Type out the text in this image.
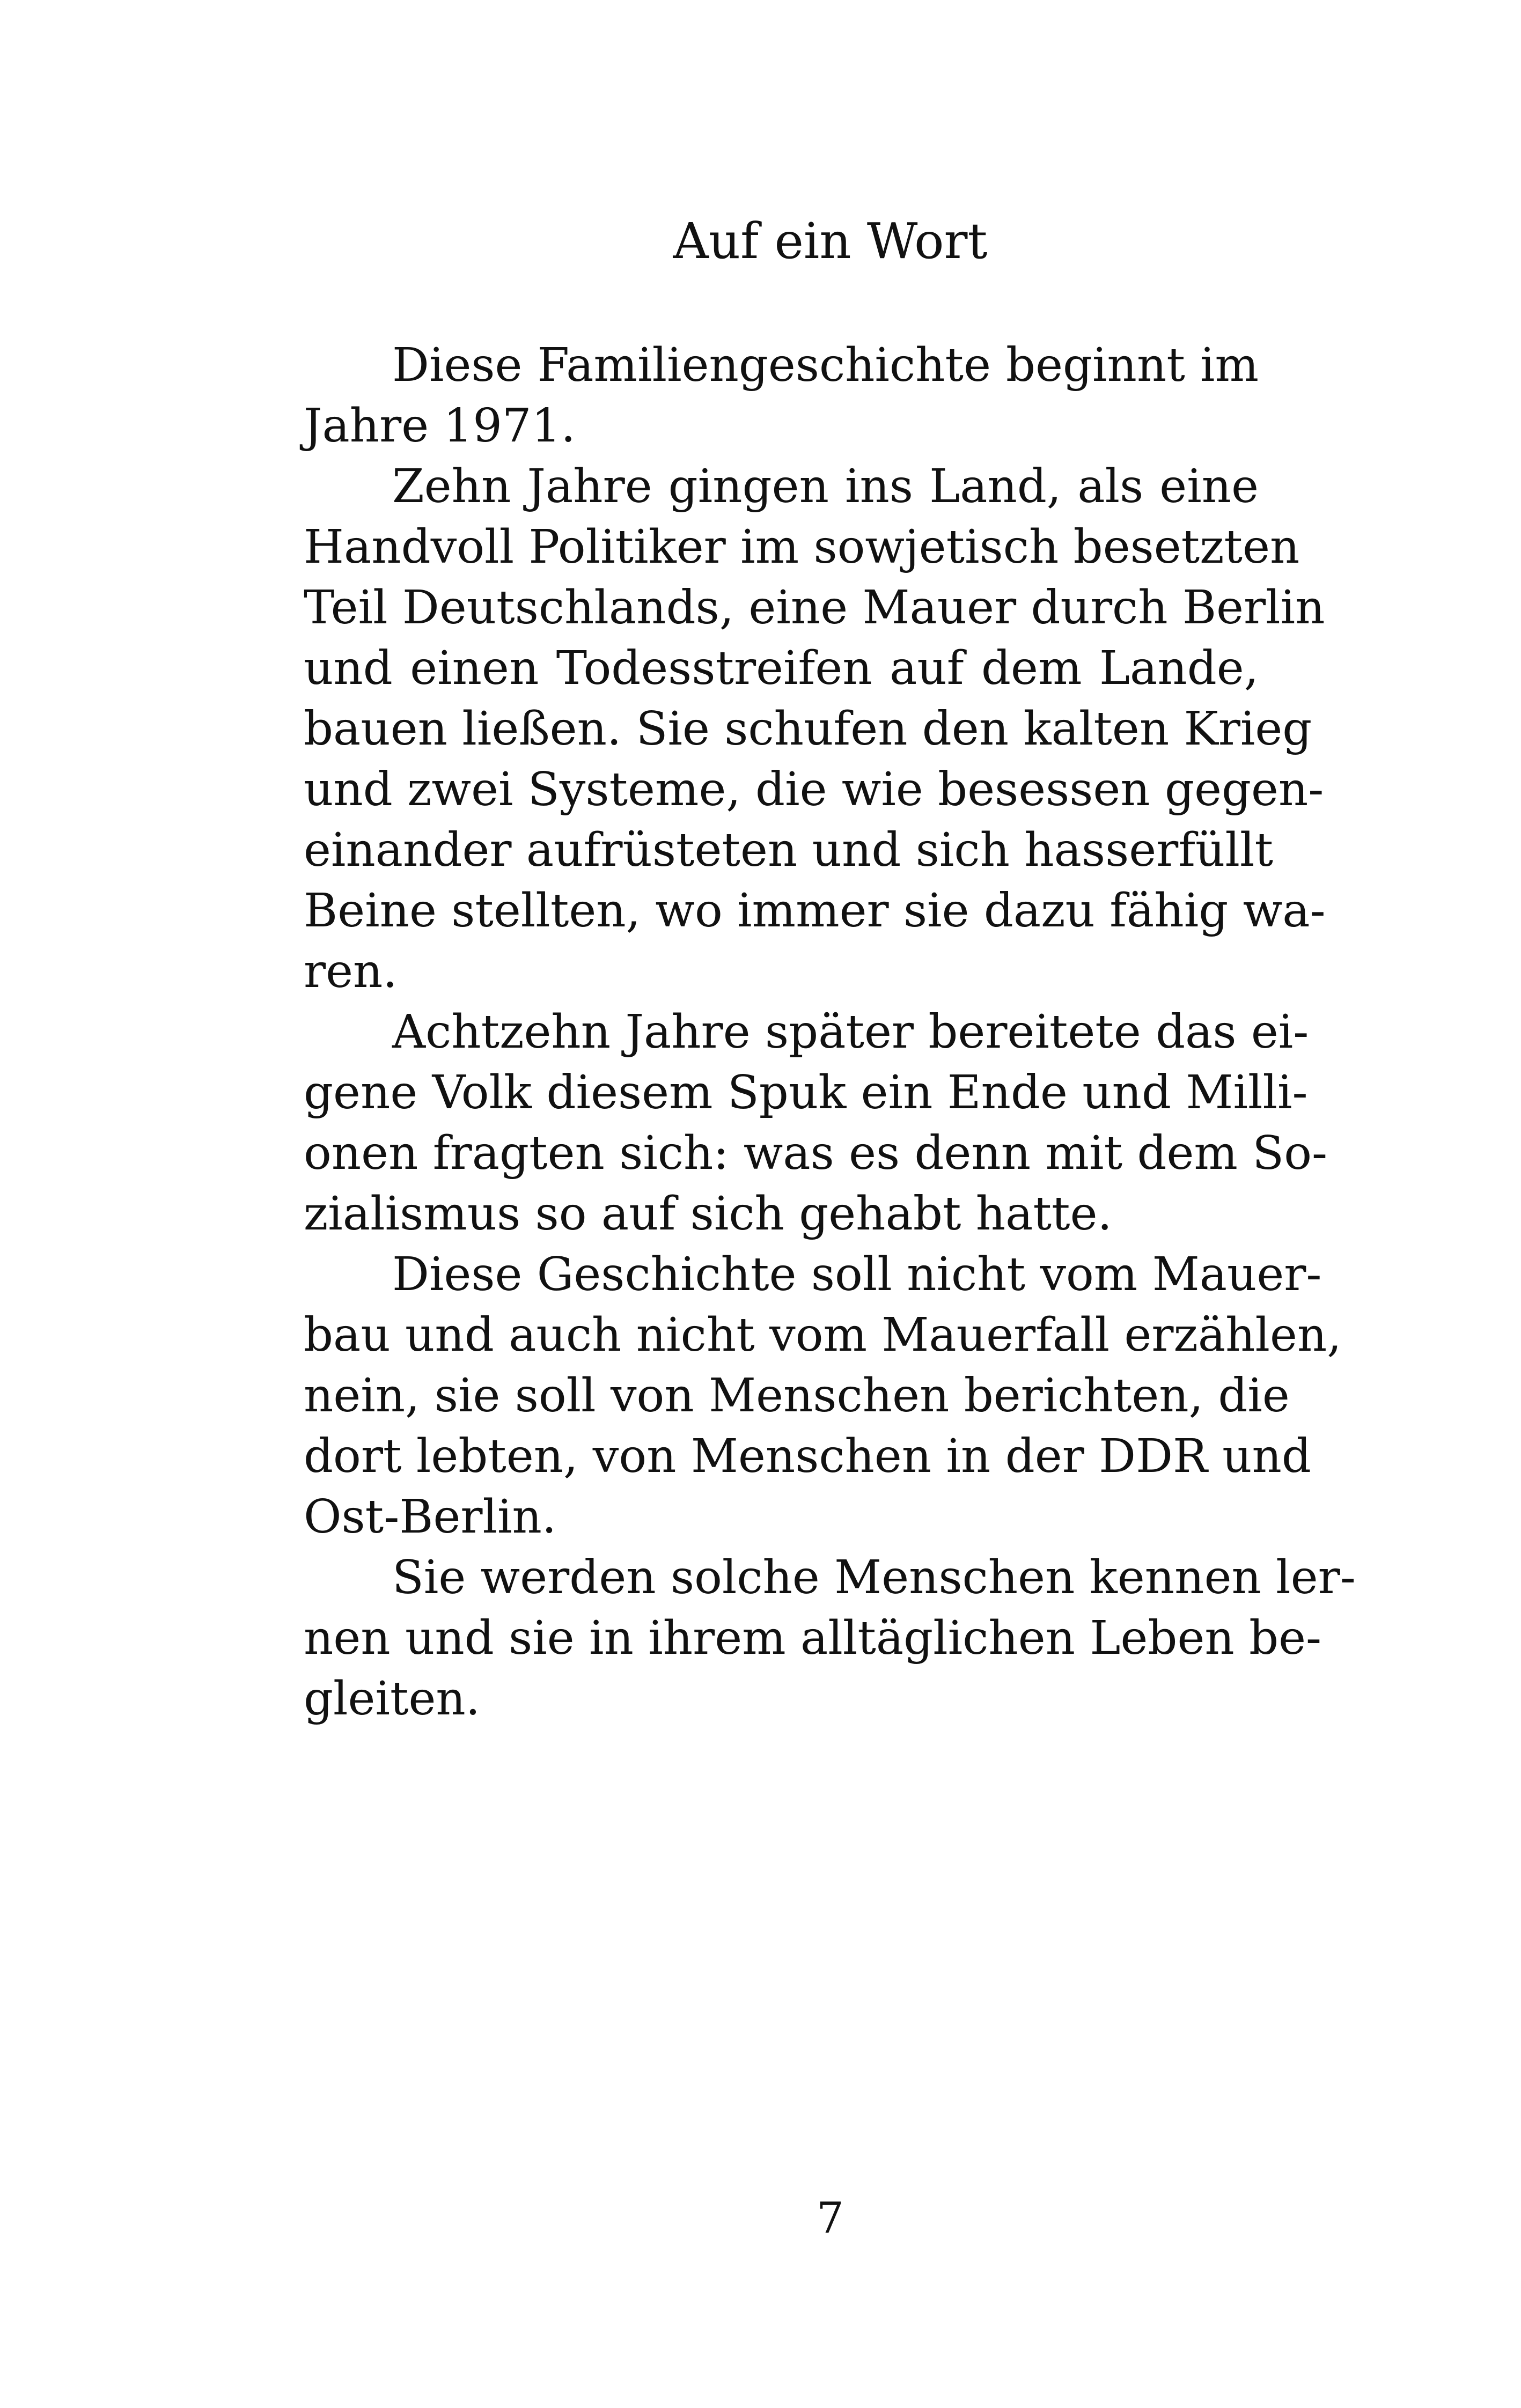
Auf ein Wort
Diese Familiengeschichte beginnt im
Jahre 1971.
Zehn Jahre gingen ins Land, als eine
Handvoll Politiker im sowjetisch besetzten
Teil Deutschlands, eine Mauer durch Berlin
und einen Todesstreifen auf dem Lande,
bauen ließen. Sie schufen den kalten Krieg
und zwei Systeme, die wie besessen gegen-
einander aufrüsteten und sich hasserfüllt
Beine stellten, wo immer sie dazu fähig wa-
ren.
Achtzehn Jahre später bereitete das ei-
gene Volk diesem Spuk ein Ende und Milli-
onen fragten sich: was es denn mit dem So-
zialismus so auf sich gehabt hatte.
Diese Geschichte soll nicht vom Mauer-
bau und auch nicht vom Mauerfall erzählen,
nein, sie soll von Menschen berichten, die
dort lebten, von Menschen in der DDR und
Ost-Berlin.
Sie werden solche Menschen kennen ler-
nen und sie in ihrem alltäglichen Leben be-
gleiten.
7
